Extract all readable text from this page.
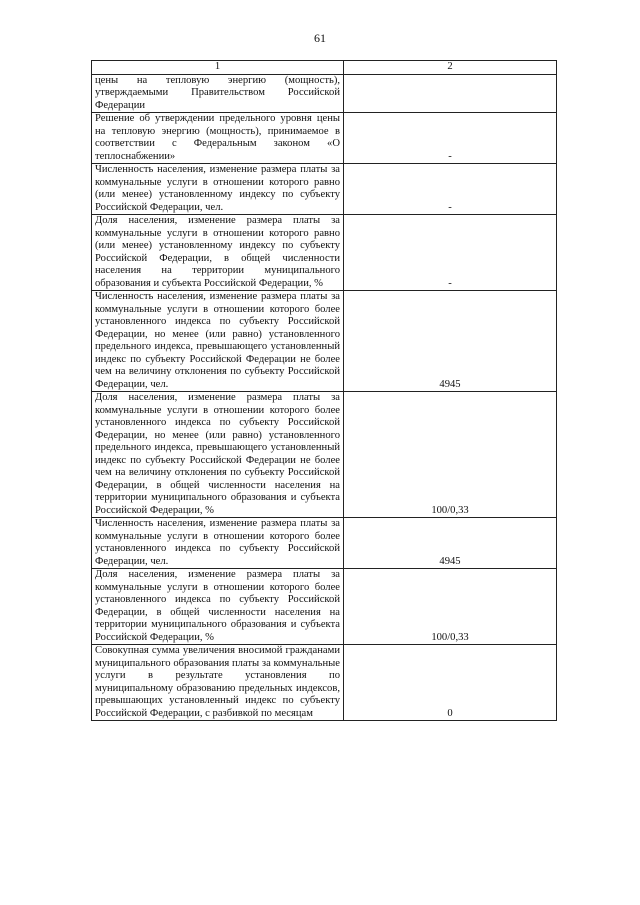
61
1	2
цены на тепловую энергию (мощность), утверждаемыми Правительством Российской Федерации	
Решение об утверждении предельного уровня цены на тепловую энергию (мощность), принимаемое в соответствии с Федеральным законом «О теплоснабжении»	-
Численность населения, изменение размера платы за коммунальные услуги в отношении которого равно (или менее) установленному индексу по субъекту Российской Федерации, чел.	-
Доля населения, изменение размера платы за коммунальные услуги в отношении которого равно (или менее) установленному индексу по субъекту Российской Федерации, в общей численности населения на территории муниципального образования и субъекта Российской Федерации, %	-
Численность населения, изменение размера платы за коммунальные услуги в отношении которого более установленного индекса по субъекту Российской Федерации, но менее (или равно) установленного предельного индекса, превышающего установленный индекс по субъекту Российской Федерации не более чем на величину отклонения по субъекту Российской Федерации, чел.	4945
Доля населения, изменение размера платы за коммунальные услуги в отношении которого более установленного индекса по субъекту Российской Федерации, но менее (или равно) установленного предельного индекса, превышающего установленный индекс по субъекту Российской Федерации не более чем на величину отклонения по субъекту Российской Федерации, в общей численности населения на территории муниципального образования и субъекта Российской Федерации, %	100/0,33
Численность населения, изменение размера платы за коммунальные услуги в отношении которого более установленного индекса по субъекту Российской Федерации, чел.	4945
Доля населения, изменение размера платы за коммунальные услуги в отношении которого более установленного индекса по субъекту Российской Федерации, в общей численности населения на территории муниципального образования и субъекта Российской Федерации, %	100/0,33
Совокупная сумма увеличения вносимой гражданами муниципального образования платы за коммунальные услуги в результате установления по муниципальному образованию предельных индексов, превышающих установленный индекс по субъекту Российской Федерации, с разбивкой по месяцам	0
